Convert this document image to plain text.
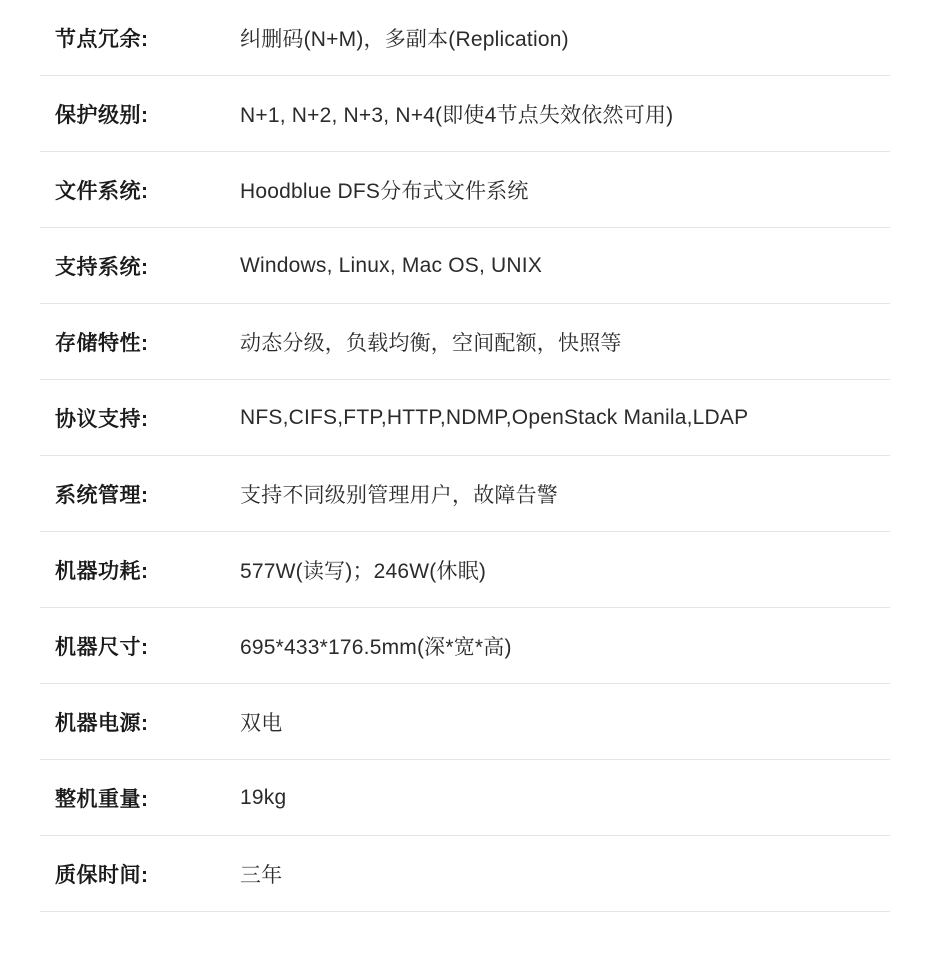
节点冗余:	纠删码(N+M)，多副本(Replication)
保护级别:	N+1, N+2, N+3, N+4(即使4节点失效依然可用)
文件系统:	Hoodblue DFS分布式文件系统
支持系统:	Windows, Linux, Mac OS, UNIX
存储特性:	动态分级，负载均衡，空间配额，快照等
协议支持:	NFS,CIFS,FTP,HTTP,NDMP,OpenStack Manila,LDAP
系统管理:	支持不同级别管理用户，故障告警
机器功耗:	577W(读写)；246W(休眠)
机器尺寸:	695*433*176.5mm(深*宽*高)
机器电源:	双电
整机重量:	19kg
质保时间:	三年
